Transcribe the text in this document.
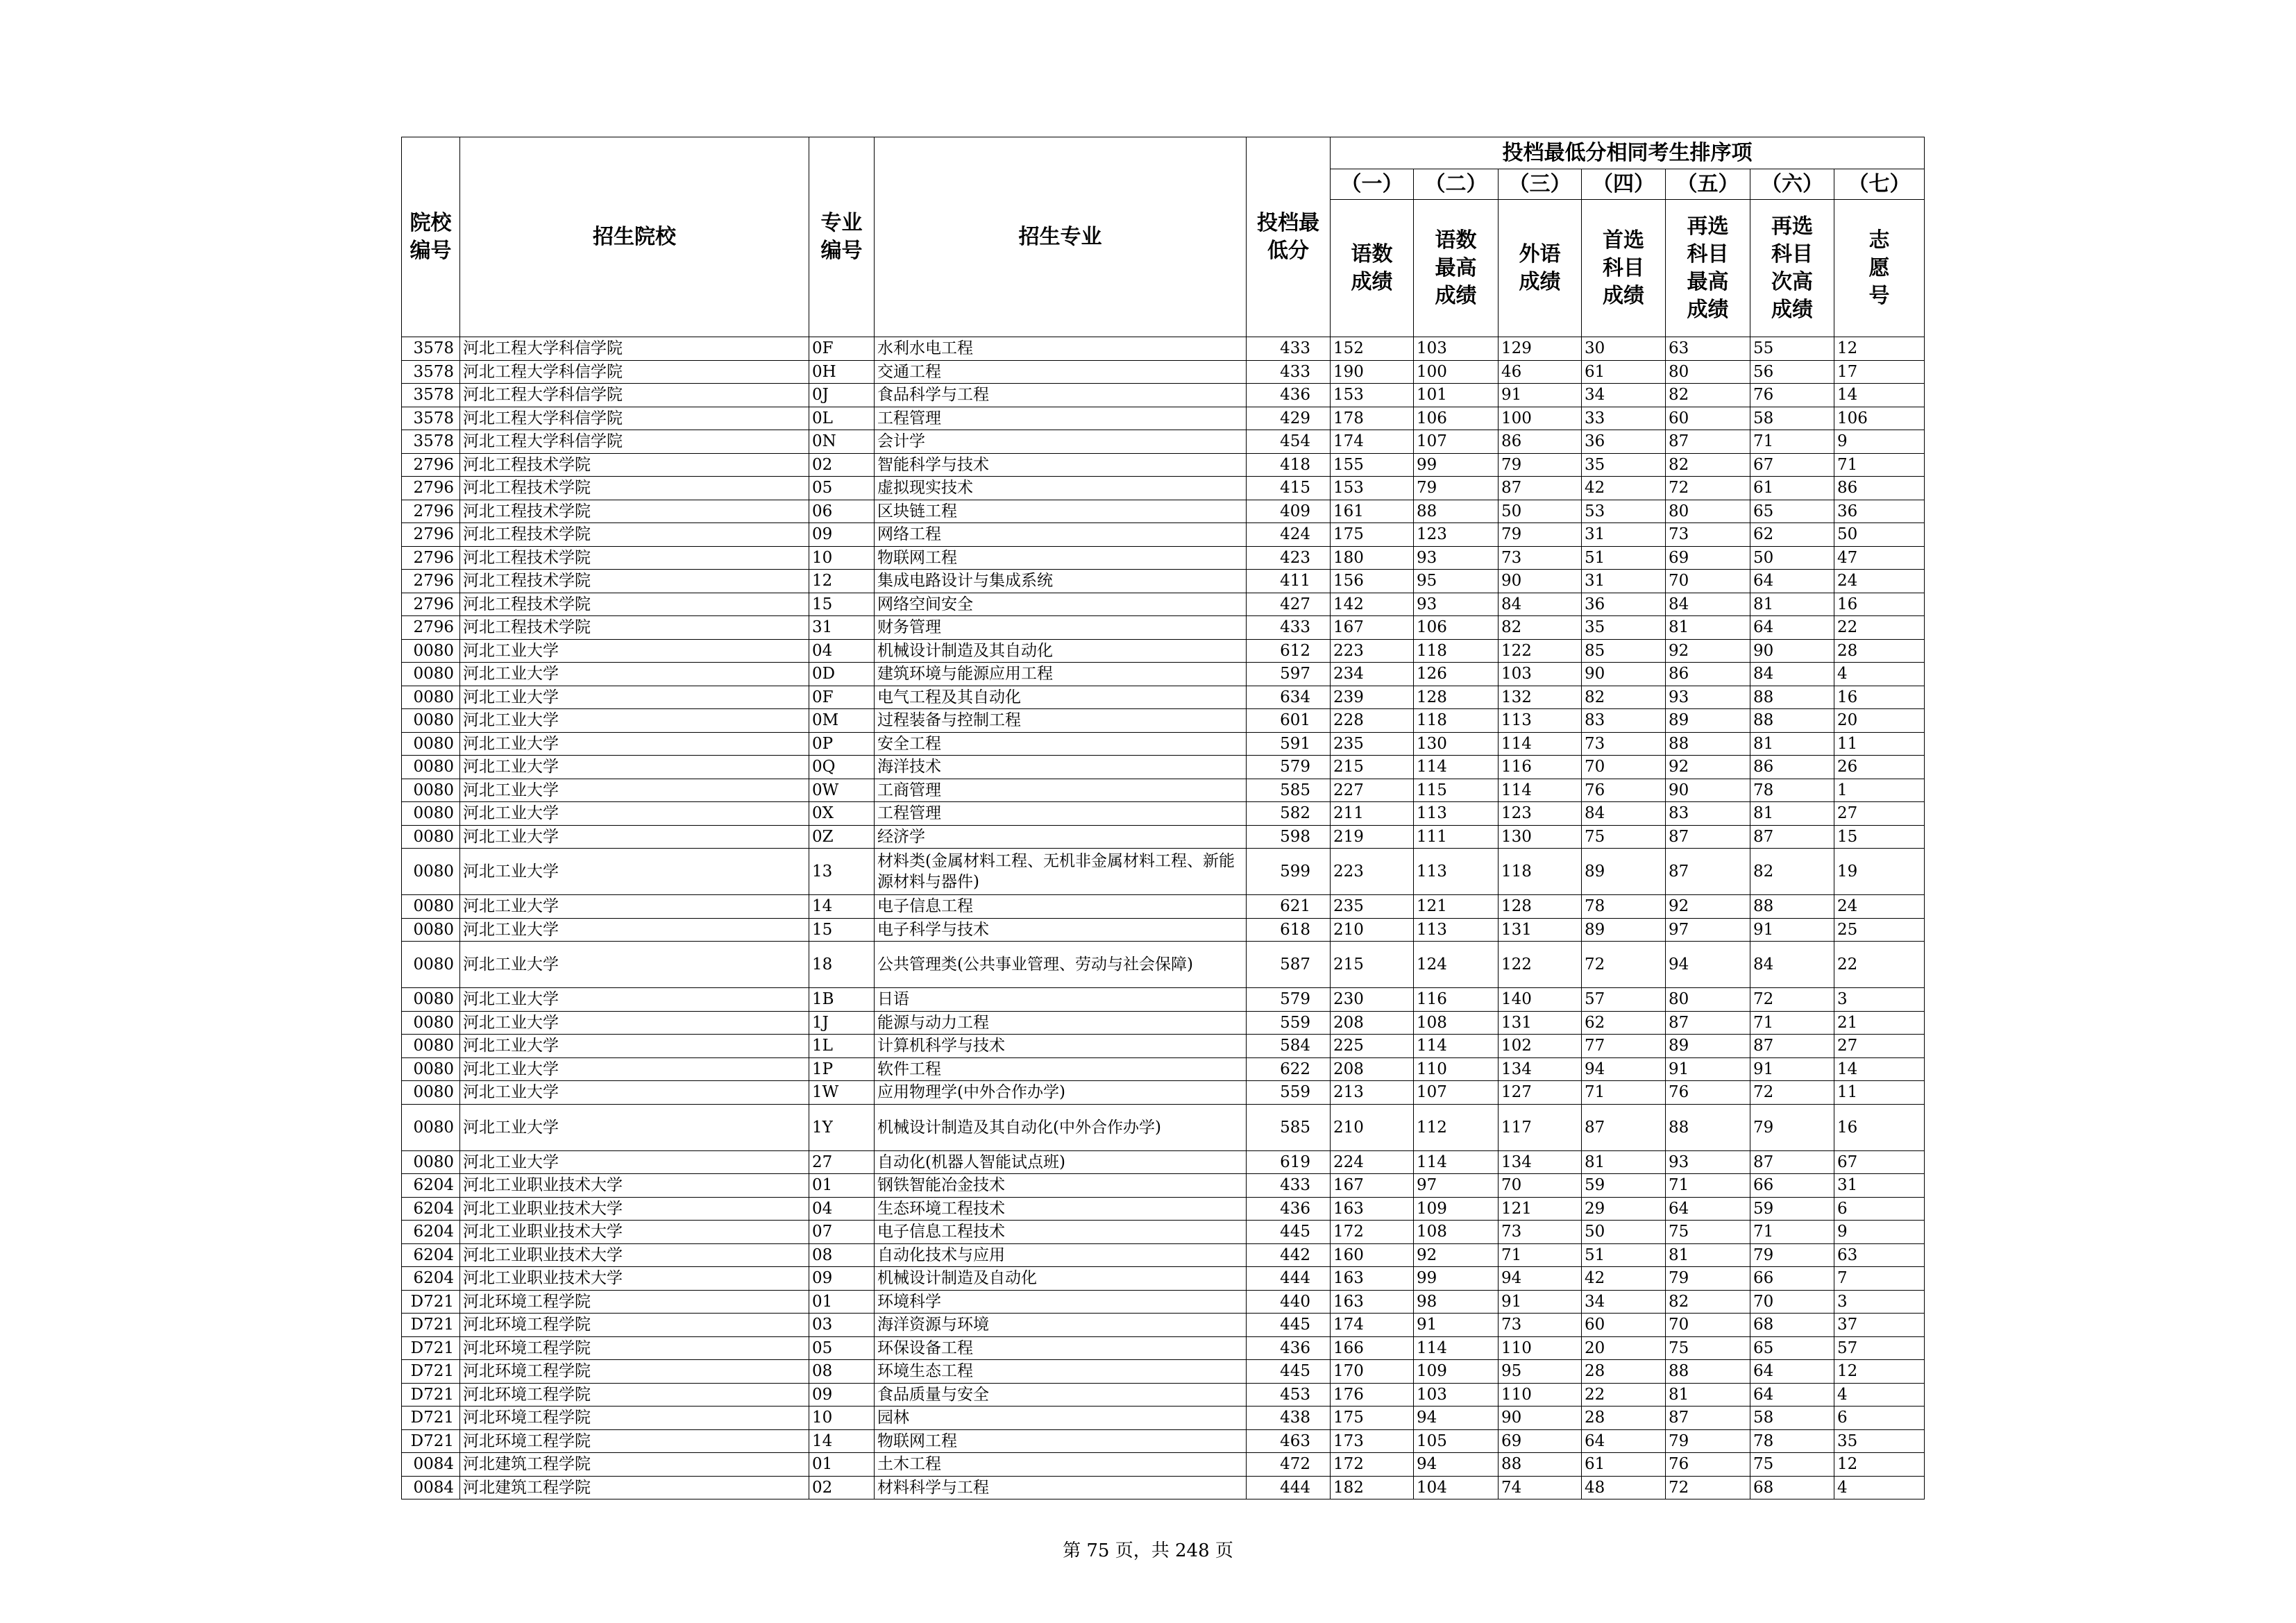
院校编号	招生院校	专业编号	招生专业	投档最低分	投档最低分相同考生排序项						
					（一）	（二）	（三）	（四）	（五）	（六）	（七）
					语数成绩	语数最高成绩	外语成绩	首选科目成绩	再选科目最高成绩	再选科目次高成绩	志愿号
3578	河北工程大学科信学院	0F	水利水电工程	433	152	103	129	30	63	55	12
3578	河北工程大学科信学院	0H	交通工程	433	190	100	46	61	80	56	17
3578	河北工程大学科信学院	0J	食品科学与工程	436	153	101	91	34	82	76	14
3578	河北工程大学科信学院	0L	工程管理	429	178	106	100	33	60	58	106
3578	河北工程大学科信学院	0N	会计学	454	174	107	86	36	87	71	9
2796	河北工程技术学院	02	智能科学与技术	418	155	99	79	35	82	67	71
2796	河北工程技术学院	05	虚拟现实技术	415	153	79	87	42	72	61	86
2796	河北工程技术学院	06	区块链工程	409	161	88	50	53	80	65	36
2796	河北工程技术学院	09	网络工程	424	175	123	79	31	73	62	50
2796	河北工程技术学院	10	物联网工程	423	180	93	73	51	69	50	47
2796	河北工程技术学院	12	集成电路设计与集成系统	411	156	95	90	31	70	64	24
2796	河北工程技术学院	15	网络空间安全	427	142	93	84	36	84	81	16
2796	河北工程技术学院	31	财务管理	433	167	106	82	35	81	64	22
0080	河北工业大学	04	机械设计制造及其自动化	612	223	118	122	85	92	90	28
0080	河北工业大学	0D	建筑环境与能源应用工程	597	234	126	103	90	86	84	4
0080	河北工业大学	0F	电气工程及其自动化	634	239	128	132	82	93	88	16
0080	河北工业大学	0M	过程装备与控制工程	601	228	118	113	83	89	88	20
0080	河北工业大学	0P	安全工程	591	235	130	114	73	88	81	11
0080	河北工业大学	0Q	海洋技术	579	215	114	116	70	92	86	26
0080	河北工业大学	0W	工商管理	585	227	115	114	76	90	78	1
0080	河北工业大学	0X	工程管理	582	211	113	123	84	83	81	27
0080	河北工业大学	0Z	经济学	598	219	111	130	75	87	87	15
0080	河北工业大学	13	材料类(金属材料工程、无机非金属材料工程、新能源材料与器件)	599	223	113	118	89	87	82	19
0080	河北工业大学	14	电子信息工程	621	235	121	128	78	92	88	24
0080	河北工业大学	15	电子科学与技术	618	210	113	131	89	97	91	25
0080	河北工业大学	18	公共管理类(公共事业管理、劳动与社会保障)	587	215	124	122	72	94	84	22
0080	河北工业大学	1B	日语	579	230	116	140	57	80	72	3
0080	河北工业大学	1J	能源与动力工程	559	208	108	131	62	87	71	21
0080	河北工业大学	1L	计算机科学与技术	584	225	114	102	77	89	87	27
0080	河北工业大学	1P	软件工程	622	208	110	134	94	91	91	14
0080	河北工业大学	1W	应用物理学(中外合作办学)	559	213	107	127	71	76	72	11
0080	河北工业大学	1Y	机械设计制造及其自动化(中外合作办学)	585	210	112	117	87	88	79	16
0080	河北工业大学	27	自动化(机器人智能试点班)	619	224	114	134	81	93	87	67
6204	河北工业职业技术大学	01	钢铁智能冶金技术	433	167	97	70	59	71	66	31
6204	河北工业职业技术大学	04	生态环境工程技术	436	163	109	121	29	64	59	6
6204	河北工业职业技术大学	07	电子信息工程技术	445	172	108	73	50	75	71	9
6204	河北工业职业技术大学	08	自动化技术与应用	442	160	92	71	51	81	79	63
6204	河北工业职业技术大学	09	机械设计制造及自动化	444	163	99	94	42	79	66	7
D721	河北环境工程学院	01	环境科学	440	163	98	91	34	82	70	3
D721	河北环境工程学院	03	海洋资源与环境	445	174	91	73	60	70	68	37
D721	河北环境工程学院	05	环保设备工程	436	166	114	110	20	75	65	57
D721	河北环境工程学院	08	环境生态工程	445	170	109	95	28	88	64	12
D721	河北环境工程学院	09	食品质量与安全	453	176	103	110	22	81	64	4
D721	河北环境工程学院	10	园林	438	175	94	90	28	87	58	6
D721	河北环境工程学院	14	物联网工程	463	173	105	69	64	79	78	35
0084	河北建筑工程学院	01	土木工程	472	172	94	88	61	76	75	12
0084	河北建筑工程学院	02	材料科学与工程	444	182	104	74	48	72	68	4
第 75 页，共 248 页
